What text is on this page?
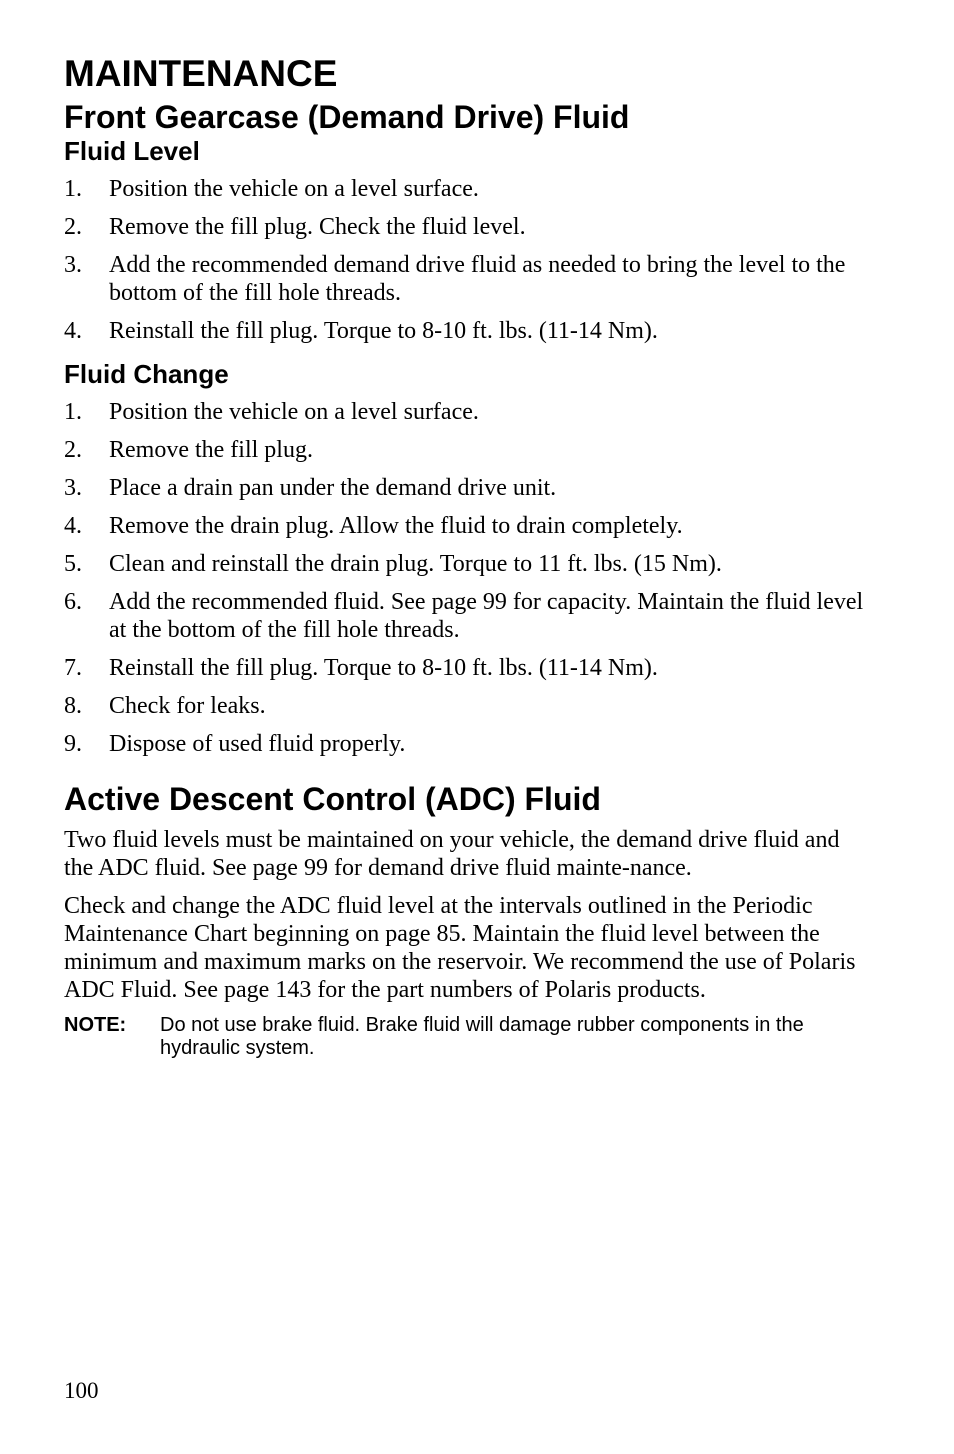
MAINTENANCE
Front Gearcase (Demand Drive) Fluid
Fluid Level
1. Position the vehicle on a level surface.
2. Remove the fill plug. Check the fluid level.
3. Add the recommended demand drive fluid as needed to bring the level to the bottom of the fill hole threads.
4. Reinstall the fill plug. Torque to 8-10 ft. lbs. (11-14 Nm).
Fluid Change
1. Position the vehicle on a level surface.
2. Remove the fill plug.
3. Place a drain pan under the demand drive unit.
4. Remove the drain plug. Allow the fluid to drain completely.
5. Clean and reinstall the drain plug. Torque to 11 ft. lbs. (15 Nm).
6. Add the recommended fluid. See page 99 for capacity. Maintain the fluid level at the bottom of the fill hole threads.
7. Reinstall the fill plug. Torque to 8-10 ft. lbs. (11-14 Nm).
8. Check for leaks.
9. Dispose of used fluid properly.
Active Descent Control (ADC) Fluid

Two fluid levels must be maintained on your vehicle, the demand drive fluid and the ADC fluid. See page 99 for demand drive fluid mainte-nance.

Check and change the ADC fluid level at the intervals outlined in the Periodic Maintenance Chart beginning on page 85. Maintain the fluid level between the minimum and maximum marks on the reservoir. We recommend the use of Polaris ADC Fluid. See page 143 for the part numbers of Polaris products.

NOTE: Do not use brake fluid. Brake fluid will damage rubber components in the hydraulic system.
100
